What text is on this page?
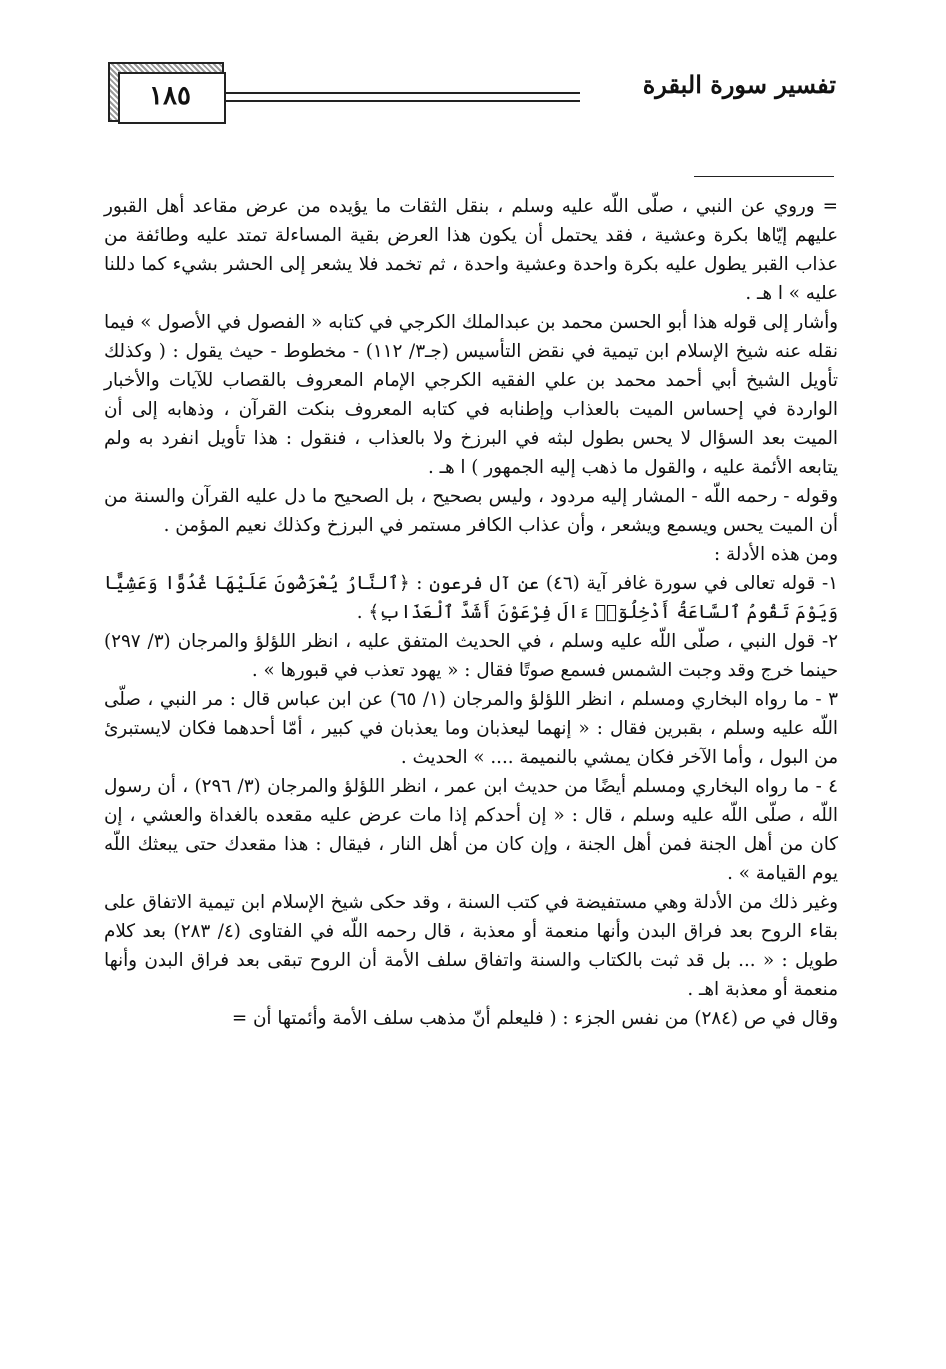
تفسير سورة البقرة
١٨٥

= وروي عن النبي ، صلّى اللّه عليه وسلم ، بنقل الثقات ما يؤيده من عرض مقاعد أهل القبور عليهم إيّاها بكرة وعشية ، فقد يحتمل أن يكون هذا العرض بقية المساءلة تمتد عليه وطائفة من عذاب القبر يطول عليه بكرة واحدة وعشية واحدة ، ثم تخمد فلا يشعر إلى الحشر بشيء كما دللنا عليه » ا هـ .

وأشار إلى قوله هذا أبو الحسن محمد بن عبدالملك الكرجي في كتابه « الفصول في الأصول » فيما نقله عنه شيخ الإسلام ابن تيمية في نقض التأسيس (جـ٣/ ١١٢) - مخطوط - حيث يقول : ( وكذلك تأويل الشيخ أبي أحمد محمد بن علي الفقيه الكرجي الإمام المعروف بالقصاب للآيات والأخبار الواردة في إحساس الميت بالعذاب وإطنابه في كتابه المعروف بنكت القرآن ، وذهابه إلى أن الميت بعد السؤال لا يحس بطول لبثه في البرزخ ولا بالعذاب ، فنقول : هذا تأويل انفرد به ولم يتابعه الأئمة عليه ، والقول ما ذهب إليه الجمهور ) ا هـ .

وقوله - رحمه اللّه - المشار إليه مردود ، وليس بصحيح ، بل الصحيح ما دل عليه القرآن والسنة من أن الميت يحس ويسمع ويشعر ، وأن عذاب الكافر مستمر في البرزخ وكذلك نعيم المؤمن .

ومن هذه الأدلة :

١- قوله تعالى في سورة غافر آية (٤٦) عن آل فرعون : ﴿ٱلنَّارُ يُعْرَضُونَ عَلَيْهَا غُدُوًّا وَعَشِيًّا وَيَوْمَ تَقُومُ ٱلسَّاعَةُ أَدْخِلُوٓا۟ ءَالَ فِرْعَوْنَ أَشَدَّ ٱلْعَذَابِ﴾ .

٢- قول النبي ، صلّى اللّه عليه وسلم ، في الحديث المتفق عليه ، انظر اللؤلؤ والمرجان (٣/ ٢٩٧) حينما خرج وقد وجبت الشمس فسمع صوتًا فقال : « يهود تعذب في قبورها » .

٣ - ما رواه البخاري ومسلم ، انظر اللؤلؤ والمرجان (١/ ٦٥) عن ابن عباس قال : مر النبي ، صلّى اللّه عليه وسلم ، بقبرين فقال : « إنهما ليعذبان وما يعذبان في كبير ، أمّا أحدهما فكان لايستبرئ من البول ، وأما الآخر فكان يمشي بالنميمة .... » الحديث .

٤ - ما رواه البخاري ومسلم أيضًا من حديث ابن عمر ، انظر اللؤلؤ والمرجان (٣/ ٢٩٦) ، أن رسول اللّه ، صلّى اللّه عليه وسلم ، قال : « إن أحدكم إذا مات عرض عليه مقعده بالغداة والعشي ، إن كان من أهل الجنة فمن أهل الجنة ، وإن كان من أهل النار ، فيقال : هذا مقعدك حتى يبعثك اللّه يوم القيامة » .

وغير ذلك من الأدلة وهي مستفيضة في كتب السنة ، وقد حكى شيخ الإسلام ابن تيمية الاتفاق على بقاء الروح بعد فراق البدن وأنها منعمة أو معذبة ، قال رحمه اللّه في الفتاوى (٤/ ٢٨٣) بعد كلام طويل : « ... بل قد ثبت بالكتاب والسنة واتفاق سلف الأمة أن الروح تبقى بعد فراق البدن وأنها منعمة أو معذبة اهـ .

وقال في ص (٢٨٤) من نفس الجزء : ( فليعلم أنّ مذهب سلف الأمة وأئمتها أن =
